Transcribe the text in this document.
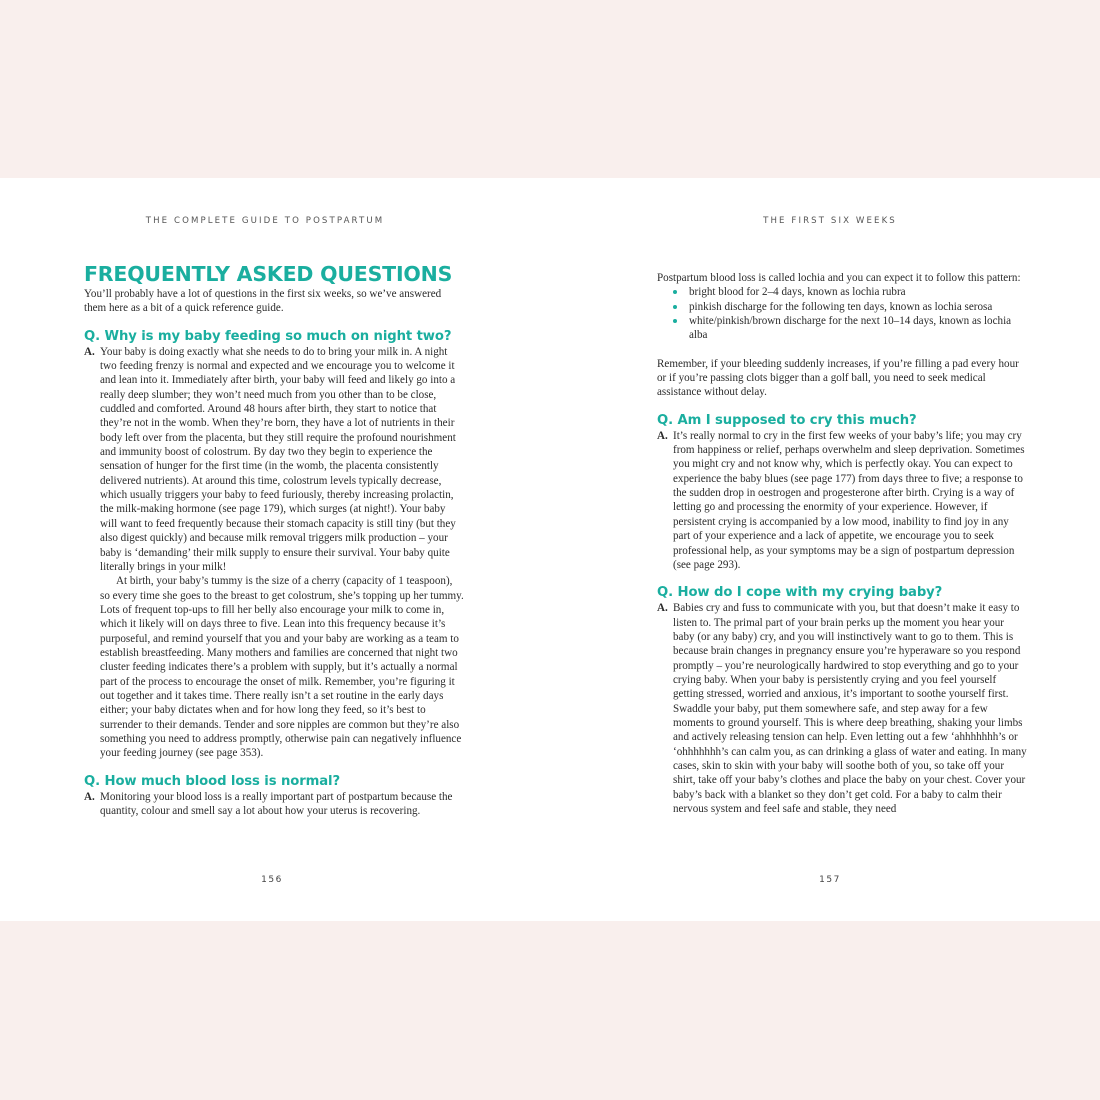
THE COMPLETE GUIDE TO POSTPARTUM
FREQUENTLY ASKED QUESTIONS

You’ll probably have a lot of questions in the first six weeks, so we’ve answered them here as a bit of a quick reference guide.

Q. Why is my baby feeding so much on night two?
A. Your baby is doing exactly what she needs to do to bring your milk in. A night two feeding frenzy is normal and expected and we encourage you to welcome it and lean into it. Immediately after birth, your baby will feed and likely go into a really deep slumber; they won’t need much from you other than to be close, cuddled and comforted. Around 48 hours after birth, they start to notice that they’re not in the womb. When they’re born, they have a lot of nutrients in their body left over from the placenta, but they still require the profound nourishment and immunity boost of colostrum. By day two they begin to experience the sensation of hunger for the first time (in the womb, the placenta consistently delivered nutrients). At around this time, colostrum levels typically decrease, which usually triggers your baby to feed furiously, thereby increasing prolactin, the milk-making hormone (see page 179), which surges (at night!). Your baby will want to feed frequently because their stomach capacity is still tiny (but they also digest quickly) and because milk removal triggers milk production – your baby is ‘demanding’ their milk supply to ensure their survival. Your baby quite literally brings in your milk!

At birth, your baby’s tummy is the size of a cherry (capacity of 1 teaspoon), so every time she goes to the breast to get colostrum, she’s topping up her tummy. Lots of frequent top-ups to fill her belly also encourage your milk to come in, which it likely will on days three to five. Lean into this frequency because it’s purposeful, and remind yourself that you and your baby are working as a team to establish breastfeeding. Many mothers and families are concerned that night two cluster feeding indicates there’s a problem with supply, but it’s actually a normal part of the process to encourage the onset of milk. Remember, you’re figuring it out together and it takes time. There really isn’t a set routine in the early days either; your baby dictates when and for how long they feed, so it’s best to surrender to their demands. Tender and sore nipples are common but they’re also something you need to address promptly, otherwise pain can negatively influence your feeding journey (see page 353).

Q. How much blood loss is normal?
A. Monitoring your blood loss is a really important part of postpartum because the quantity, colour and smell say a lot about how your uterus is recovering.

156
THE FIRST SIX WEEKS

Postpartum blood loss is called lochia and you can expect it to follow this pattern:

bright blood for 2–4 days, known as lochia rubra
pinkish discharge for the following ten days, known as lochia serosa
white/pinkish/brown discharge for the next 10–14 days, known as lochia alba

Remember, if your bleeding suddenly increases, if you’re filling a pad every hour or if you’re passing clots bigger than a golf ball, you need to seek medical assistance without delay.

Q. Am I supposed to cry this much?
A. It’s really normal to cry in the first few weeks of your baby’s life; you may cry from happiness or relief, perhaps overwhelm and sleep deprivation. Sometimes you might cry and not know why, which is perfectly okay. You can expect to experience the baby blues (see page 177) from days three to five; a response to the sudden drop in oestrogen and progesterone after birth. Crying is a way of letting go and processing the enormity of your experience. However, if persistent crying is accompanied by a low mood, inability to find joy in any part of your experience and a lack of appetite, we encourage you to seek professional help, as your symptoms may be a sign of postpartum depression (see page 293).

Q. How do I cope with my crying baby?
A. Babies cry and fuss to communicate with you, but that doesn’t make it easy to listen to. The primal part of your brain perks up the moment you hear your baby (or any baby) cry, and you will instinctively want to go to them. This is because brain changes in pregnancy ensure you’re hyperaware so you respond promptly – you’re neurologically hardwired to stop everything and go to your crying baby. When your baby is persistently crying and you feel yourself getting stressed, worried and anxious, it’s important to soothe yourself first. Swaddle your baby, put them somewhere safe, and step away for a few moments to ground yourself. This is where deep breathing, shaking your limbs and actively releasing tension can help. Even letting out a few ‘ahhhhhhh’s or ‘ohhhhhhh’s can calm you, as can drinking a glass of water and eating. In many cases, skin to skin with your baby will soothe both of you, so take off your shirt, take off your baby’s clothes and place the baby on your chest. Cover your baby’s back with a blanket so they don’t get cold. For a baby to calm their nervous system and feel safe and stable, they need

157
